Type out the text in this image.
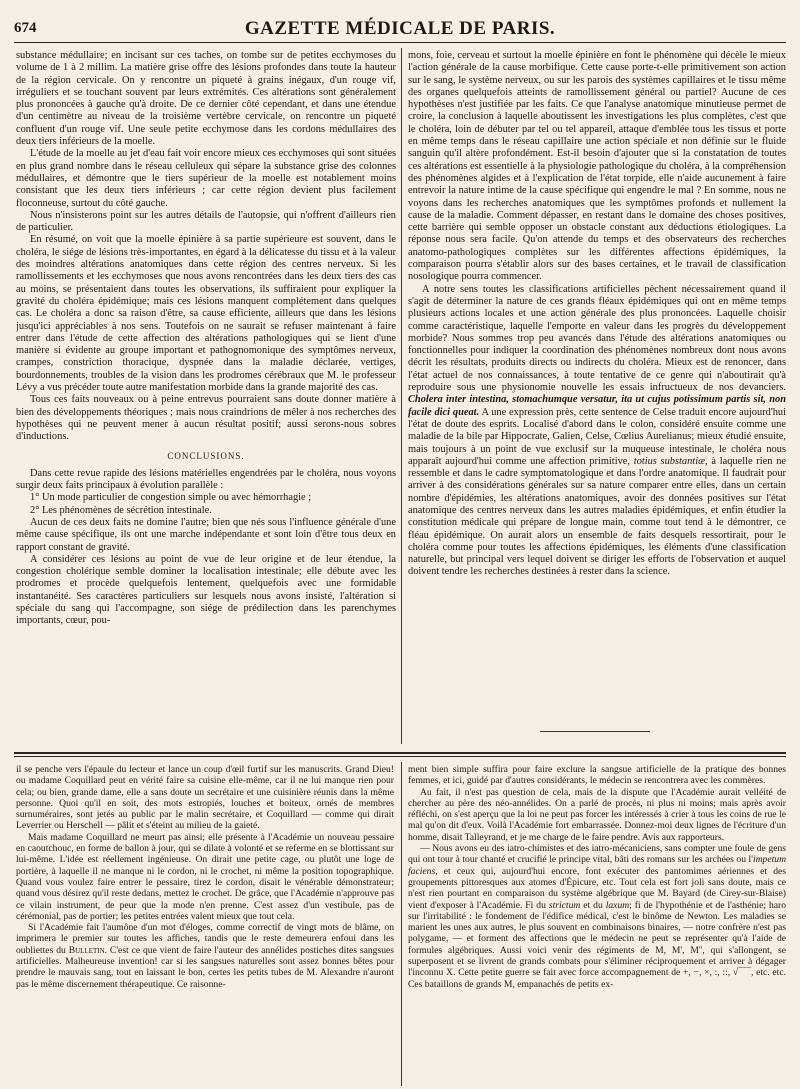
674	GAZETTE MÉDICALE DE PARIS.

substance médullaire; en incisant sur ces taches, on tombe sur de petites ecchymoses du volume de 1 à 2 millim. La matière grise offre des lésions profondes dans toute la hauteur de la région cervicale. On y rencontre un piqueté à grains inégaux, d'un rouge vif, irréguliers et se touchant souvent par leurs extrémités. Ces altérations sont généralement plus prononcées à gauche qu'à droite. De ce dernier côté cependant, et dans une étendue d'un centimètre au niveau de la troisième vertèbre cervicale, on rencontre un piqueté confluent d'un rouge vif. Une seule petite ecchymose dans les cordons médullaires des deux tiers inférieurs de la moelle.

L'étude de la moelle au jet d'eau fait voir encore mieux ces ecchymoses qui sont situées en plus grand nombre dans le réseau celluleux qui sépare la substance grise des colonnes médullaires, et démontre que le tiers supérieur de la moelle est notablement moins consistant que les deux tiers inférieurs ; car cette région devient plus facilement floconneuse, surtout du côté gauche.

Nous n'insisterons point sur les autres détails de l'autopsie, qui n'offrent d'ailleurs rien de particulier.

En résumé, on voit que la moelle épinière à sa partie supérieure est souvent, dans le choléra, le siége de lésions très-importantes, en égard à la délicatesse du tissu et à la valeur des moindres altérations anatomiques dans cette région des centres nerveux. Si les ramollissements et les ecchymoses que nous avons rencontrées dans les deux tiers des cas au moins, se présentaient dans toutes les observations, ils suffiraient pour expliquer la gravité du choléra épidémique; mais ces lésions manquent complétement dans quelques cas. Le choléra a donc sa raison d'être, sa cause efficiente, ailleurs que dans les lésions jusqu'ici appréciables à nos sens. Toutefois on ne saurait se refuser maintenant à faire entrer dans l'étude de cette affection des altérations pathologiques qui se lient d'une manière si évidente au groupe important et pathognomonique des symptômes nerveux, crampes, constriction thoracique, dyspnée dans la maladie déclarée, vertiges, bourdonnements, troubles de la vision dans les prodromes cérébraux que M. le professeur Lévy a vus précéder toute autre manifestation morbide dans la grande majorité des cas.

Tous ces faits nouveaux ou à peine entrevus pourraient sans doute donner matière à bien des développements théoriques ; mais nous craindrions de mêler à nos recherches des hypothèses qui ne peuvent mener à aucun résultat positif; aussi serons-nous sobres d'inductions.

CONCLUSIONS.

Dans cette revue rapide des lésions matérielles engendrées par le choléra, nous voyons surgir deux faits principaux à évolution parallèle :

1° Un mode particulier de congestion simple ou avec hémorrhagie ;

2° Les phénomènes de sécrétion intestinale.

Aucun de ces deux faits ne domine l'autre; bien que nés sous l'influence générale d'une même cause spécifique, ils ont une marche indépendante et sont loin d'être tous deux en rapport constant de gravité.

A considérer ces lésions au point de vue de leur origine et de leur étendue, la congestion cholérique semble dominer la localisation intestinale; elle débute avec les prodromes et procède quelquefois lentement, quelquefois avec une formidable instantanéité. Ses caractères particuliers sur lesquels nous avons insisté, l'altération si spéciale du sang qui l'accompagne, son siége de prédilection dans les parenchymes importants, cœur, pou-

mons, foie, cerveau et surtout la moelle épinière en font le phénomène qui décèle le mieux l'action générale de la cause morbifique. Cette cause porte-t-elle primitivement son action sur le sang, le système nerveux, ou sur les parois des systèmes capillaires et le tissu même des organes quelquefois atteints de ramollissement général ou partiel? Aucune de ces hypothèses n'est justifiée par les faits. Ce que l'analyse anatomique minutieuse permet de croire, la conclusion à laquelle aboutissent les investigations les plus complètes, c'est que le choléra, loin de débuter par tel ou tel appareil, attaque d'emblée tous les tissus et porte en même temps dans le réseau capillaire une action spéciale et non définie sur le fluide sanguin qu'il altère profondément. Est-il besoin d'ajouter que si la constatation de toutes ces altérations est essentielle à la physiologie pathologique du choléra, à la compréhension des phénomènes algides et à l'explication de l'état torpide, elle n'aide aucunement à faire entrevoir la nature intime de la cause spécifique qui engendre le mal ? En somme, nous ne voyons dans les recherches anatomiques que les symptômes profonds et nullement la cause de la maladie. Comment dépasser, en restant dans le domaine des choses positives, cette barrière qui semble opposer un obstacle constant aux déductions étiologiques. La réponse nous sera facile. Qu'on attende du temps et des observateurs des recherches anatomo-pathologiques complètes sur les différentes affections épidémiques, la comparaison pourra s'établir alors sur des bases certaines, et le travail de classification nosologique pourra commencer.

A notre sens toutes les classifications artificielles pèchent nécessairement quand il s'agit de déterminer la nature de ces grands fléaux épidémiques qui ont en même temps plusieurs actions locales et une action générale des plus prononcées. Laquelle choisir comme caractéristique, laquelle l'emporte en valeur dans les progrès du développement morbide? Nous sommes trop peu avancés dans l'étude des altérations anatomiques ou fonctionnelles pour indiquer la coordination des phénomènes nombreux dont nous avons décrit les résultats, produits directs ou indirects du choléra. Mieux est de renoncer, dans l'état actuel de nos connaissances, à toute tentative de ce genre qui n'aboutirait qu'à reproduire sous une physionomie nouvelle les essais infructueux de nos devanciers. Cholera inter intestina, stomachumque versatur, ita ut cujus potissimum partis sit, non facile dici queat. A une expression près, cette sentence de Celse traduit encore aujourd'hui l'état de doute des esprits. Localisé d'abord dans le colon, considéré ensuite comme une maladie de la bile par Hippocrate, Galien, Celse, Cœlius Aurelianus; mieux étudié ensuite, mais toujours à un point de vue exclusif sur la muqueuse intestinale, le choléra nous apparaît aujourd'hui comme une affection primitive, totius substantiæ, à laquelle rien ne ressemble et dans le cadre symptomatologique et dans l'ordre anatomique. Il faudrait pour arriver à des considérations générales sur sa nature comparer entre elles, dans un certain nombre d'épidémies, les altérations anatomiques, avoir des données positives sur l'état anatomique des centres nerveux dans les autres maladies épidémiques, et enfin étudier la constitution médicale qui prépare de longue main, comme tout tend à le démontrer, ce fléau épidémique. On aurait alors un ensemble de faits desquels ressortirait, pour le choléra comme pour toutes les affections épidémiques, les éléments d'une classification naturelle, but principal vers lequel doivent se diriger les efforts de l'observation et auquel doivent tendre les recherches destinées à rester dans la science.

il se penche vers l'épaule du lecteur et lance un coup d'œil furtif sur les manuscrits. Grand Dieu! ou madame Coquillard peut en vérité faire sa cuisine elle-même, car il ne lui manque rien pour cela; ou bien, grande dame, elle a sans doute un secrétaire et une cuisinière réunis dans la même personne. Quoi qu'il en soit, des mots estropiés, louches et boiteux, ornés de membres surnuméraires, sont jetés au public par le malin secrétaire, et Coquillard — comme qui dirait Leverrier ou Herschell — pâlit et s'éteint au milieu de la gaieté.

Mais madame Coquillard ne meurt pas ainsi; elle présente à l'Académie un nouveau pessaire en caoutchouc, en forme de ballon à jour, qui se dilate à volonté et se referme en se blottissant sur lui-même. L'idée est réellement ingénieuse. On dirait une petite cage, ou plutôt une loge de portière, à laquelle il ne manque ni le cordon, ni le crochet, ni même la position topographique. Quand vous voulez faire entrer le pessaire, tirez le cordon, disait le vénérable démonstrateur; quand vous désirez qu'il reste dedans, mettez le crochet. De grâce, que l'Académie n'approuve pas ce vilain instrument, de peur que la mode n'en prenne. C'est assez d'un vestibule, pas de cérémonial, pas de portier; les petites entrées valent mieux que tout cela.

Si l'Académie fait l'aumône d'un mot d'éloges, comme correctif de vingt mots de blâme, on imprimera le premier sur toutes les affiches, tandis que le reste demeurera enfoui dans les oubliettes du Bulletin. C'est ce que vient de faire l'auteur des annélides postiches dites sangsues artificielles. Malheureuse invention! car si les sangsues naturelles sont assez bonnes bêtes pour prendre le mauvais sang, tout en laissant le bon, certes les petits tubes de M. Alexandre n'auront pas le même discernement thérapeutique. Ce raisonne-

ment bien simple suffira pour faire exclure la sangsue artificielle de la pratique des bonnes femmes, et ici, guidé par d'autres considérants, le médecin se rencontrera avec les commères.

Au fait, il n'est pas question de cela, mais de la dispute que l'Académie aurait velléité de chercher au père des néo-annélides. On a parlé de procès, ni plus ni moins; mais après avoir réfléchi, on s'est aperçu que la loi ne peut pas forcer les intéressés à crier à tous les coins de rue le mal qu'on dit d'eux. Voilà l'Académie fort embarrassée. Donnez-moi deux lignes de l'écriture d'un homme, disait Talleyrand, et je me charge de le faire pendre. Avis aux rapporteurs.

— Nous avons eu des iatro-chimistes et des iatro-mécaniciens, sans compter une foule de gens qui ont tour à tour chanté et crucifié le principe vital, bâti des romans sur les archées ou l'impetum faciens, et ceux qui, aujourd'hui encore, font exécuter des pantomimes aériennes et des groupements pittoresques aux atomes d'Épicure, etc. Tout cela est fort joli sans doute, mais ce n'est rien pourtant en comparaison du système algébrique que M. Bayard (de Cirey-sur-Blaise) vient d'exposer à l'Académie. Fi du strictum et du laxum; fi de l'hypothénie et de l'asthénie; haro sur l'irritabilité : le fondement de l'édifice médical, c'est le binôme de Newton. Les maladies se marient les unes aux autres, le plus souvent en combinaisons binaires, — notre confrère n'est pas polygame, — et forment des affections que le médecin ne peut se représenter qu'à l'aide de formules algébriques. Aussi voici venir des régiments de M, M', M'', qui s'allongent, se superposent et se livrent de grands combats pour s'éliminer réciproquement et arriver à dégager l'inconnu X. Cette petite guerre se fait avec force accompagnement de +, −, ×, :, ::, √‾‾‾‾, etc. etc. Ces bataillons de grands M, empanachés de petits ex-
